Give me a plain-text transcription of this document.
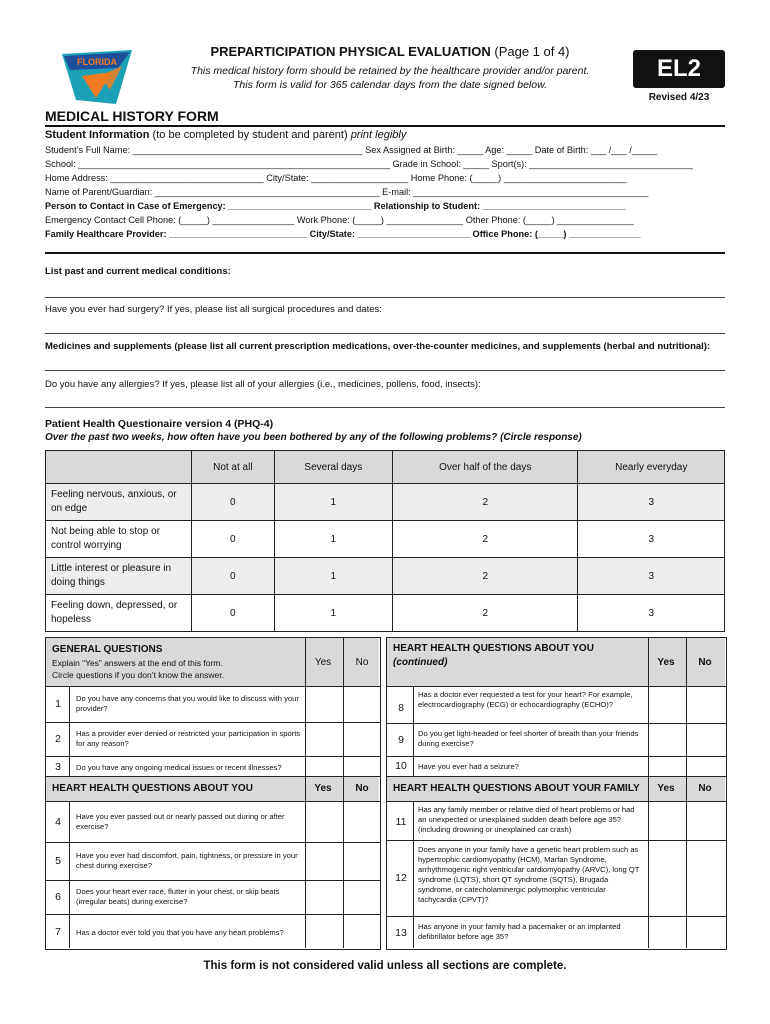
FLORIDA
PREPARTICIPATION PHYSICAL EVALUATION (Page 1 of 4)
This medical history form should be retained by the healthcare provider and/or parent.
This form is valid for 365 calendar days from the date signed below.
EL2
Revised 4/23
MEDICAL HISTORY FORM
Student Information (to be completed by student and parent) print legibly
Student’s Full Name: _____________________________________________ Sex Assigned at Birth: _____ Age: _____ Date of Birth: ___ /___ /_____
School: _____________________________________________________________ Grade in School: _____ Sport(s): ________________________________
Home Address: ______________________________ City/State: ___________________ Home Phone: (_____) ________________________
Name of Parent/Guardian: ____________________________________________ E-mail: ______________________________________________
Person to Contact in Case of Emergency: ____________________________ Relationship to Student: ____________________________
Emergency Contact Cell Phone: (_____) ________________ Work Phone: (_____) _______________ Other Phone: (_____) _______________
Family Healthcare Provider: ___________________________ City/State: ______________________ Office Phone: (_____) ______________
List past and current medical conditions:
Have you ever had surgery? If yes, please list all surgical procedures and dates:
Medicines and supplements (please list all current prescription medications, over-the-counter medicines, and supplements (herbal and nutritional):
Do you have any allergies? If yes, please list all of your allergies (i.e., medicines, pollens, food, insects):
Patient Health Questionaire version 4 (PHQ-4)
Over the past two weeks, how often have you been bothered by any of the following problems? (Circle response)
	Not at all	Several days	Over half of the days	Nearly everyday
Feeling nervous, anxious, or on edge	0	1	2	3
Not being able to stop or control worrying	0	1	2	3
Little interest or pleasure in doing things	0	1	2	3
Feeling down, depressed, or hopeless	0	1	2	3
GENERAL QUESTIONS
Explain “Yes” answers at the end of this form.
Circle questions if you don’t know the answer.
Yes	No
1	Do you have any concerns that you would like to discuss with your provider?
2	Has a provider ever denied or restricted your participation in sports for any reason?
3	Do you have any ongoing medical issues or recent illnesses?
HEART HEALTH QUESTIONS ABOUT YOU	Yes	No
4	Have you ever passed out or nearly passed out during or after exercise?
5	Have you ever had discomfort, pain, tightness, or pressure in your chest during exercise?
6	Does your heart ever race, flutter in your chest, or skip beats (irregular beats) during exercise?
7	Has a doctor ever told you that you have any heart problems?
HEART HEALTH QUESTIONS ABOUT YOU
(continued)	Yes	No
8
Has a doctor ever requested a test for your heart? For example, electrocardiography (ECG) or echocardiography (ECHO)?
9
Do you get light-headed or feel shorter of breath than your friends during exercise?
10	Have you ever had a seizure?
HEART HEALTH QUESTIONS ABOUT YOUR FAMILY	Yes	No
11
Has any family member or relative died of heart problems or had an unexpected or unexplained sudden death before age 35? (including drowning or unexplained car crash)
12
Does anyone in your family have a genetic heart problem such as hypertrophic cardiomyopathy (HCM), Marfan Syndrome, arrhythmogenic right ventricular cardiomyopathy (ARVC), long QT syndrome (LQTS), short QT syndrome (SQTS), Brugada syndrome, or catecholaminergic polymorphic ventricular tachycardia (CPVT)?
13
Has anyone in your family had a pacemaker or an implanted defibrillator before age 35?
This form is not considered valid unless all sections are complete.
